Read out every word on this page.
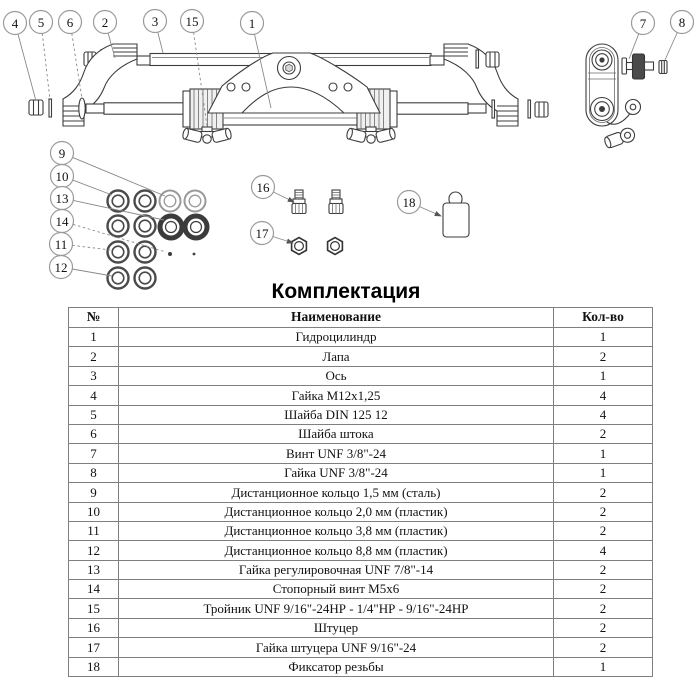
4 5 6 2	3 15	1	7	8
9
10
13
14
11
12
16
17
18
Комплектация
№	Наименование	Кол-во
1	Гидроцилиндр	1
2	Лапа	2
3	Ось	1
4	Гайка М12х1,25	4
5	Шайба DIN 125 12	4
6	Шайба штока	2
7	Винт UNF 3/8"-24	1
8	Гайка UNF 3/8"-24	1
9	Дистанционное кольцо 1,5 мм (сталь)	2
10	Дистанционное кольцо 2,0 мм (пластик)	2
11	Дистанционное кольцо 3,8 мм (пластик)	2
12	Дистанционное кольцо 8,8 мм (пластик)	4
13	Гайка регулировочная UNF 7/8"-14	2
14	Стопорный винт М5х6	2
15	Тройник UNF 9/16"-24НР - 1/4"НР - 9/16"-24НР	2
16	Штуцер	2
17	Гайка штуцера UNF 9/16"-24	2
18	Фиксатор резьбы	1
